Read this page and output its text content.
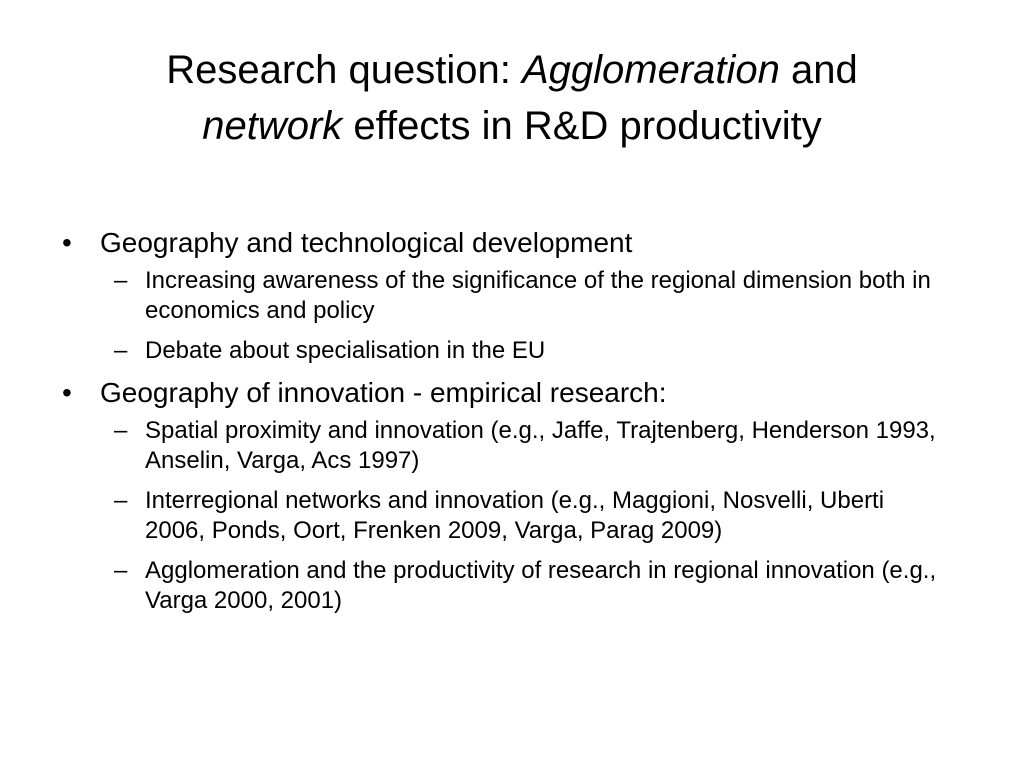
Research question: Agglomeration and
network effects in R&D productivity
•	Geography and technological development
– Increasing awareness of the significance of the regional dimension both in economics and policy
– Debate about specialisation in the EU
•	Geography of innovation - empirical research:
– Spatial proximity and innovation (e.g., Jaffe, Trajtenberg, Henderson 1993, Anselin, Varga, Acs 1997)
– Interregional networks and innovation (e.g., Maggioni, Nosvelli, Uberti 2006, Ponds, Oort, Frenken 2009, Varga, Parag 2009)
– Agglomeration and the productivity of research in regional innovation (e.g., Varga 2000, 2001)
